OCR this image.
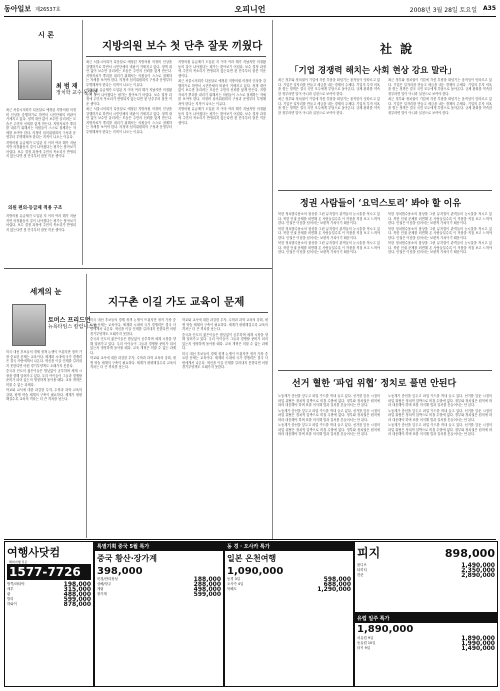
동아일보 제26537호	오피니언	2008년 3월 28일 토요일 A35
시 론
최 범 재
정치학 교수·동양연

최근 서울시의회가 다음달로 예정된 지방의원 의정비 인상을 강행하기로 하면서 시민단체의 비판이 거세지고 있다. 정책 대안 없이 보수만 올리려는 모습은 주민의 신뢰를 잃게 만든다. 지방자치가 뿌리를 내리기 위해서는 의원들이 스스로 절제하는 자세를 보여야 한다. 의정비 심의위원회의 구성과 운영부터 투명해져야 한다는 지적이 나오는 이유다.

지방의원 유급제가 도입된 지 이미 여러 해가 지났지만 의정활동의 질이 나아졌다는 평가는 찾아보기 어렵다. 보수 결정 과정에 주민의 목소리가 반영되지 않는다면 첫 단추부터 잘못 끼운 셈이다.

의원 편의·등급제 적용 구조

지방의원 유급제가 도입된 지 이미 여러 해가 지났지만 의정활동의 질이 나아졌다는 평가는 찾아보기 어렵다. 보수 결정 과정에 주민의 목소리가 반영되지 않는다면 첫 단추부터 잘못 끼운 셈이다.

지방의원 보수 첫 단추 잘못 끼웠다

최근 서울시의회가 다음달로 예정된 지방의원 의정비 인상을 강행하기로 하면서 시민단체의 비판이 거세지고 있다. 정책 대안 없이 보수만 올리려는 모습은 주민의 신뢰를 잃게 만든다. 지방자치가 뿌리를 내리기 위해서는 의원들이 스스로 절제하는 자세를 보여야 한다. 의정비 심의위원회의 구성과 운영부터 투명해져야 한다는 지적이 나오는 이유다.

지방의원 유급제가 도입된 지 이미 여러 해가 지났지만 의정활동의 질이 나아졌다는 평가는 찾아보기 어렵다. 보수 결정 과정에 주민의 목소리가 반영되지 않는다면 첫 단추부터 잘못 끼운 셈이다.

최근 서울시의회가 다음달로 예정된 지방의원 의정비 인상을 강행하기로 하면서 시민단체의 비판이 거세지고 있다. 정책 대안 없이 보수만 올리려는 모습은 주민의 신뢰를 잃게 만든다. 지방자치가 뿌리를 내리기 위해서는 의원들이 스스로 절제하는 자세를 보여야 한다. 의정비 심의위원회의 구성과 운영부터 투명해져야 한다는 지적이 나오는 이유다.

지방의원 유급제가 도입된 지 이미 여러 해가 지났지만 의정활동의 질이 나아졌다는 평가는 찾아보기 어렵다. 보수 결정 과정에 주민의 목소리가 반영되지 않는다면 첫 단추부터 잘못 끼운 셈이다.

최근 서울시의회가 다음달로 예정된 지방의원 의정비 인상을 강행하기로 하면서 시민단체의 비판이 거세지고 있다. 정책 대안 없이 보수만 올리려는 모습은 주민의 신뢰를 잃게 만든다. 지방자치가 뿌리를 내리기 위해서는 의원들이 스스로 절제하는 자세를 보여야 한다. 의정비 심의위원회의 구성과 운영부터 투명해져야 한다는 지적이 나오는 이유다.

지방의원 유급제가 도입된 지 이미 여러 해가 지났지만 의정활동의 질이 나아졌다는 평가는 찾아보기 어렵다. 보수 결정 과정에 주민의 목소리가 반영되지 않는다면 첫 단추부터 잘못 끼운 셈이다.

社 說
「기업 경쟁력 해치는 사회 현상 강요 말라」

최근 정부와 정치권이 기업에 각종 부담을 떠넘기는 움직임이 잇따르고 있다. 기업은 일자리를 만들고 세금을 내는 경제의 주체다. 기업의 투자 의욕을 꺾는 정책은 결국 국민 모두에게 부담으로 돌아온다. 규제 완화를 약속한 정부라면 말이 아니라 실천으로 보여야 한다.

최근 정부와 정치권이 기업에 각종 부담을 떠넘기는 움직임이 잇따르고 있다. 기업은 일자리를 만들고 세금을 내는 경제의 주체다. 기업의 투자 의욕을 꺾는 정책은 결국 국민 모두에게 부담으로 돌아온다. 규제 완화를 약속한 정부라면 말이 아니라 실천으로 보여야 한다.

최근 정부와 정치권이 기업에 각종 부담을 떠넘기는 움직임이 잇따르고 있다. 기업은 일자리를 만들고 세금을 내는 경제의 주체다. 기업의 투자 의욕을 꺾는 정책은 결국 국민 모두에게 부담으로 돌아온다. 규제 완화를 약속한 정부라면 말이 아니라 실천으로 보여야 한다.

최근 정부와 정치권이 기업에 각종 부담을 떠넘기는 움직임이 잇따르고 있다. 기업은 일자리를 만들고 세금을 내는 경제의 주체다. 기업의 투자 의욕을 꺾는 정책은 결국 국민 모두에게 부담으로 돌아온다. 규제 완화를 약속한 정부라면 말이 아니라 실천으로 보여야 한다.

정권 사람들이 ‘요덕스토리’ 봐야 할 이유

북한 정치범수용소의 참상을 그린 뮤지컬이 관객들의 눈시울을 적시고 있다. 북한 인권 문제를 외면해 온 사람들일수록 이 작품을 직접 보고 느껴야 한다. 인권은 이념을 넘어서는 보편적 가치이기 때문이다.

북한 정치범수용소의 참상을 그린 뮤지컬이 관객들의 눈시울을 적시고 있다. 북한 인권 문제를 외면해 온 사람들일수록 이 작품을 직접 보고 느껴야 한다. 인권은 이념을 넘어서는 보편적 가치이기 때문이다.

북한 정치범수용소의 참상을 그린 뮤지컬이 관객들의 눈시울을 적시고 있다. 북한 인권 문제를 외면해 온 사람들일수록 이 작품을 직접 보고 느껴야 한다. 인권은 이념을 넘어서는 보편적 가치이기 때문이다.

북한 정치범수용소의 참상을 그린 뮤지컬이 관객들의 눈시울을 적시고 있다. 북한 인권 문제를 외면해 온 사람들일수록 이 작품을 직접 보고 느껴야 한다. 인권은 이념을 넘어서는 보편적 가치이기 때문이다.

북한 정치범수용소의 참상을 그린 뮤지컬이 관객들의 눈시울을 적시고 있다. 북한 인권 문제를 외면해 온 사람들일수록 이 작품을 직접 보고 느껴야 한다. 인권은 이념을 넘어서는 보편적 가치이기 때문이다.

북한 정치범수용소의 참상을 그린 뮤지컬이 관객들의 눈시울을 적시고 있다. 북한 인권 문제를 외면해 온 사람들일수록 이 작품을 직접 보고 느껴야 한다. 인권은 이념을 넘어서는 보편적 가치이기 때문이다.

선거 혈한 ‘파업 위협’ 정치로 풀면 안된다

노동계가 총선을 앞두고 파업 카드를 꺼내 들고 있다. 선거를 앞둔 시점의 파업 위협은 정치적 압박으로 비칠 수밖에 없다. 정부와 정치권은 원칙에 따라 대응해야 하며 표를 의식해 법과 질서를 흔들어서는 안 된다.

노동계가 총선을 앞두고 파업 카드를 꺼내 들고 있다. 선거를 앞둔 시점의 파업 위협은 정치적 압박으로 비칠 수밖에 없다. 정부와 정치권은 원칙에 따라 대응해야 하며 표를 의식해 법과 질서를 흔들어서는 안 된다.

노동계가 총선을 앞두고 파업 카드를 꺼내 들고 있다. 선거를 앞둔 시점의 파업 위협은 정치적 압박으로 비칠 수밖에 없다. 정부와 정치권은 원칙에 따라 대응해야 하며 표를 의식해 법과 질서를 흔들어서는 안 된다.

노동계가 총선을 앞두고 파업 카드를 꺼내 들고 있다. 선거를 앞둔 시점의 파업 위협은 정치적 압박으로 비칠 수밖에 없다. 정부와 정치권은 원칙에 따라 대응해야 하며 표를 의식해 법과 질서를 흔들어서는 안 된다.

노동계가 총선을 앞두고 파업 카드를 꺼내 들고 있다. 선거를 앞둔 시점의 파업 위협은 정치적 압박으로 비칠 수밖에 없다. 정부와 정치권은 원칙에 따라 대응해야 하며 표를 의식해 법과 질서를 흔들어서는 안 된다.

노동계가 총선을 앞두고 파업 카드를 꺼내 들고 있다. 선거를 앞둔 시점의 파업 위협은 정치적 압박으로 비칠 수밖에 없다. 정부와 정치권은 원칙에 따라 대응해야 하며 표를 의식해 법과 질서를 흔들어서는 안 된다.

세계의 눈
토머스 프리드먼
뉴욕타임스 칼럼니스트

미국 대선 후보들의 경제 정책 논쟁이 뜨겁지만 정작 가장 중요한 문제는 교육이다. 세계화 시대에 국가 경쟁력은 결국 사람에게서 나온다. 혁신을 이끌 인재를 길러내지 못한다면 어떤 경기부양책도 오래가지 못한다.

중국과 인도의 젊은이들은 밤낮없이 공부하며 세계 시장을 향해 달려가고 있다. 우리 아이들이 그들과 경쟁할 준비가 되어 있는지 냉정하게 돌아볼 때다. 교육 개혁은 미룰 수 없는 과제다.

학교와 교사에 대한 과감한 투자, 수학과 과학 교육의 강화, 평생 학습 체계의 구축이 필요하다. 세계가 평평해질수록 교육의 격차는 더 큰 격차를 낳는다.

지구촌 이길 가도 교육이 문제

미국 대선 후보들의 경제 정책 논쟁이 뜨겁지만 정작 가장 중요한 문제는 교육이다. 세계화 시대에 국가 경쟁력은 결국 사람에게서 나온다. 혁신을 이끌 인재를 길러내지 못한다면 어떤 경기부양책도 오래가지 못한다.

중국과 인도의 젊은이들은 밤낮없이 공부하며 세계 시장을 향해 달려가고 있다. 우리 아이들이 그들과 경쟁할 준비가 되어 있는지 냉정하게 돌아볼 때다. 교육 개혁은 미룰 수 없는 과제다.

학교와 교사에 대한 과감한 투자, 수학과 과학 교육의 강화, 평생 학습 체계의 구축이 필요하다. 세계가 평평해질수록 교육의 격차는 더 큰 격차를 낳는다.

학교와 교사에 대한 과감한 투자, 수학과 과학 교육의 강화, 평생 학습 체계의 구축이 필요하다. 세계가 평평해질수록 교육의 격차는 더 큰 격차를 낳는다.

중국과 인도의 젊은이들은 밤낮없이 공부하며 세계 시장을 향해 달려가고 있다. 우리 아이들이 그들과 경쟁할 준비가 되어 있는지 냉정하게 돌아볼 때다. 교육 개혁은 미룰 수 없는 과제다.

미국 대선 후보들의 경제 정책 논쟁이 뜨겁지만 정작 가장 중요한 문제는 교육이다. 세계화 시대에 국가 경쟁력은 결국 사람에게서 나온다. 혁신을 이끌 인재를 길러내지 못한다면 어떤 경기부양책도 오래가지 못한다.

여행사닷컴
해외여행 전문
1577-7726
방콕/파타야	198,000
세부	315,000
괌	488,000
발리	599,000
하와이	878,000
특별기획 중국 5월 특가
중국 황산·장가계
398,000
북경/만리장성	188,000
상해/항주	288,000
계림	498,000
장가계	599,000
동 경 · 오사카 특가
일본 온천여행
1,090,000
동경 3일	598,000
오사카 4일	688,000
북해도	1,290,000
피지	898,000
몰디브	1,490,000
타히티	2,350,000
칸쿤	2,890,000
유럽 일주 특가
1,890,000
서유럽 9일	1,890,000
동유럽 10일	1,990,000
터키 9일	1,490,000
